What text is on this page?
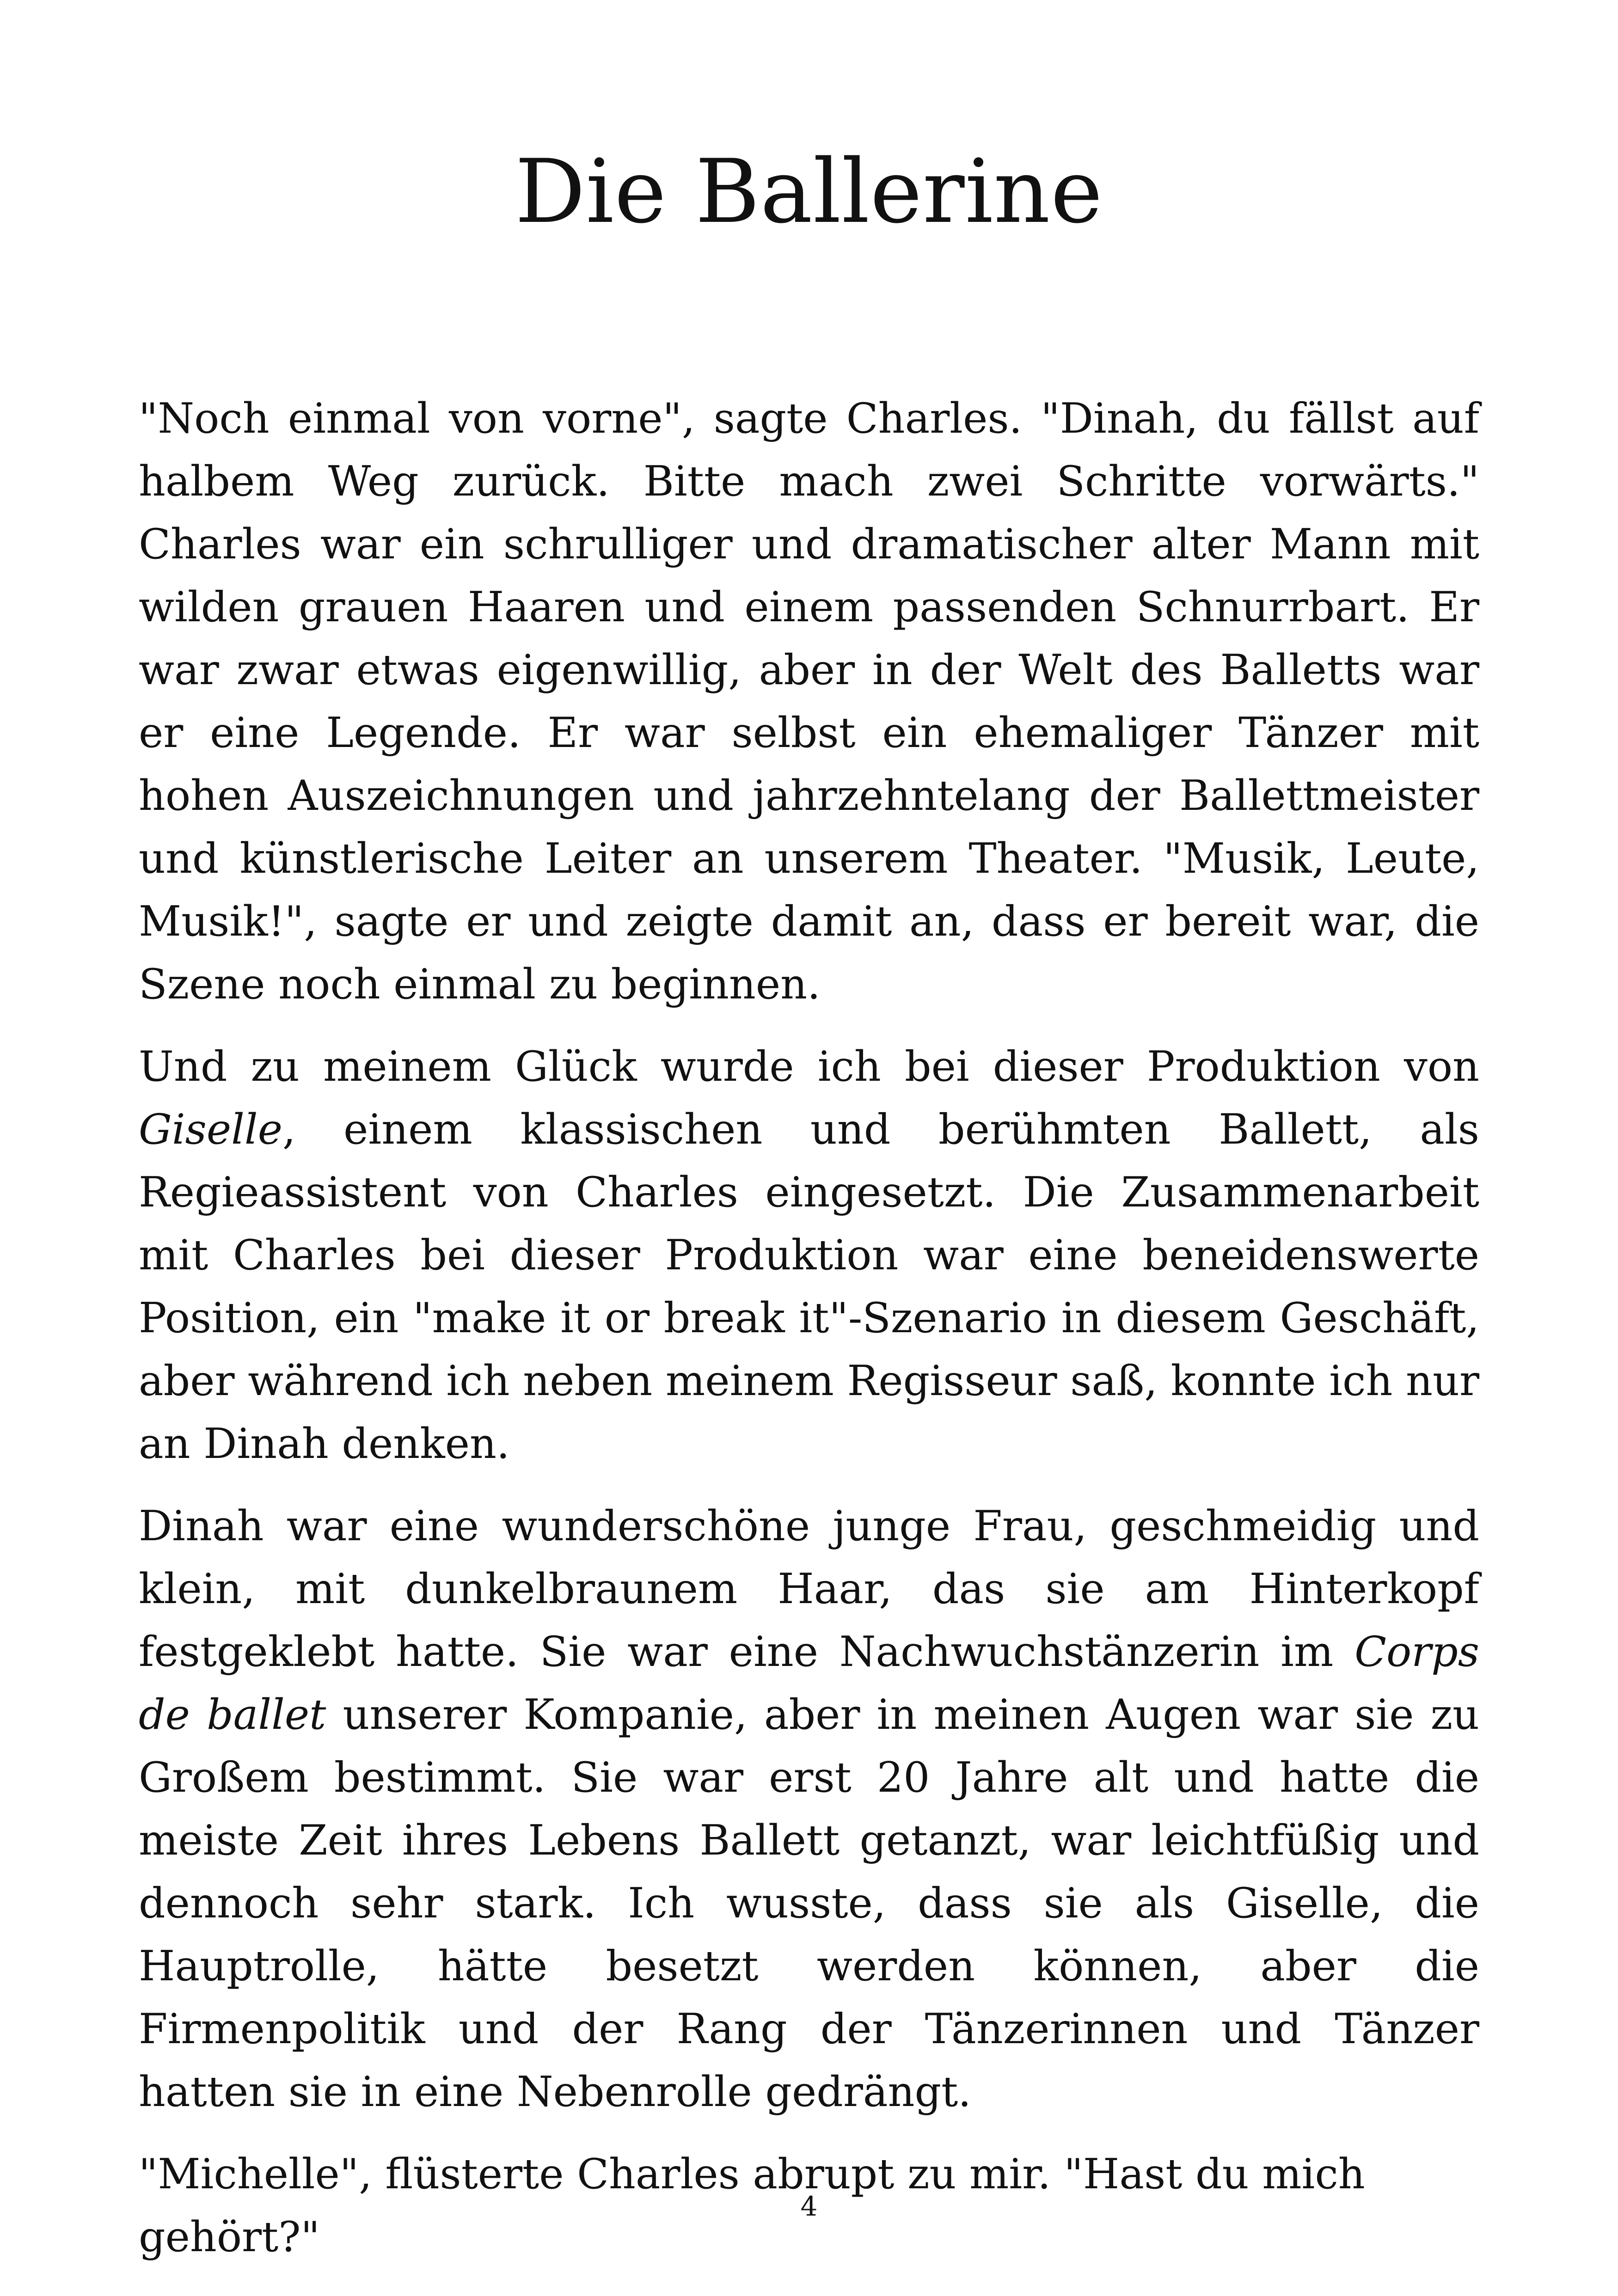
Die Ballerine

"Noch einmal von vorne", sagte Charles. "Dinah, du fällst auf halbem Weg zurück. Bitte mach zwei Schritte vorwärts." Charles war ein schrulliger und dramatischer alter Mann mit wilden grauen Haaren und einem passenden Schnurrbart. Er war zwar etwas eigenwillig, aber in der Welt des Balletts war er eine Legende. Er war selbst ein ehemaliger Tänzer mit hohen Auszeichnungen und jahrzehntelang der Ballettmeister und künstlerische Leiter an unserem Theater. "Musik, Leute, Musik!", sagte er und zeigte damit an, dass er bereit war, die Szene noch einmal zu beginnen.

Und zu meinem Glück wurde ich bei dieser Produktion von Giselle, einem klassischen und berühmten Ballett, als Regieassistent von Charles eingesetzt. Die Zusammenarbeit mit Charles bei dieser Produktion war eine beneidenswerte Position, ein "make it or break it"-Szenario in diesem Geschäft, aber während ich neben meinem Regisseur saß, konnte ich nur an Dinah denken.

Dinah war eine wunderschöne junge Frau, geschmeidig und klein, mit dunkelbraunem Haar, das sie am Hinterkopf festgeklebt hatte. Sie war eine Nachwuchstänzerin im Corps de ballet unserer Kompanie, aber in meinen Augen war sie zu Großem bestimmt. Sie war erst 20 Jahre alt und hatte die meiste Zeit ihres Lebens Ballett getanzt, war leichtfüßig und dennoch sehr stark. Ich wusste, dass sie als Giselle, die Hauptrolle, hätte besetzt werden können, aber die Firmenpolitik und der Rang der Tänzerinnen und Tänzer hatten sie in eine Nebenrolle gedrängt.

"Michelle", flüsterte Charles abrupt zu mir. "Hast du mich gehört?"

4
